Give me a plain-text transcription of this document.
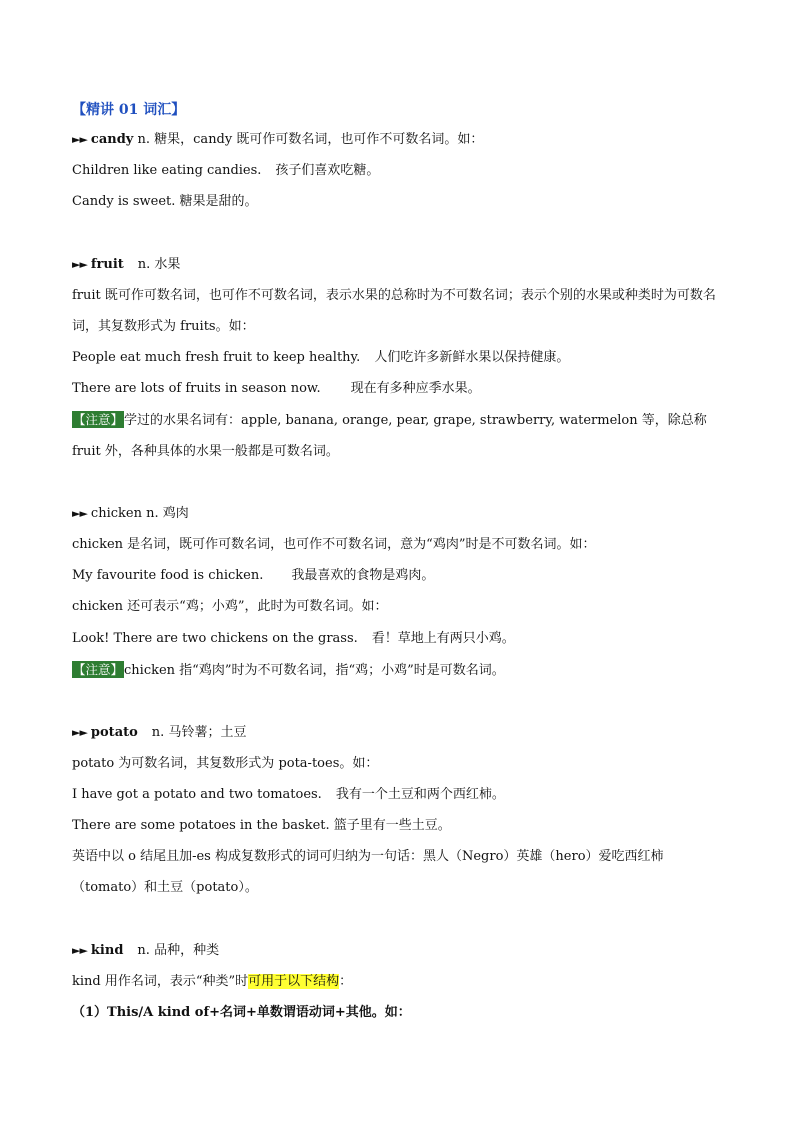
【精讲 01 词汇】
►► candy n. 糖果，candy 既可作可数名词，也可作不可数名词。如：
Children like eating candies. 孩子们喜欢吃糖。
Candy is sweet. 糖果是甜的。
►► fruit n. 水果
fruit 既可作可数名词，也可作不可数名词，表示水果的总称时为不可数名词；表示个别的水果或种类时为可数名词，其复数形式为 fruits。如：
People eat much fresh fruit to keep healthy. 人们吃许多新鲜水果以保持健康。
There are lots of fruits in season now. 现在有多种应季水果。
【注意】学过的水果名词有：apple, banana, orange, pear, grape, strawberry, watermelon 等，除总称 fruit 外，各种具体的水果一般都是可数名词。
►► chicken n. 鸡肉
chicken 是名词，既可作可数名词，也可作不可数名词，意为“鸡肉”时是不可数名词。如：
My favourite food is chicken. 我最喜欢的食物是鸡肉。
chicken 还可表示“鸡；小鸡”，此时为可数名词。如：
Look! There are two chickens on the grass. 看！草地上有两只小鸡。
【注意】chicken 指“鸡肉”时为不可数名词，指“鸡；小鸡”时是可数名词。
►► potato n. 马铃薯；土豆
potato 为可数名词，其复数形式为 pota-toes。如：
I have got a potato and two tomatoes. 我有一个土豆和两个西红柿。
There are some potatoes in the basket. 篮子里有一些土豆。
英语中以 o 结尾且加-es 构成复数形式的词可归纳为一句话：黑人（Negro）英雄（hero）爱吃西红柿（tomato）和土豆（potato）。
►► kind n. 品种，种类
kind 用作名词，表示“种类”时可用于以下结构：
（1）This/A kind of+名词+单数谓语动词+其他。如：
